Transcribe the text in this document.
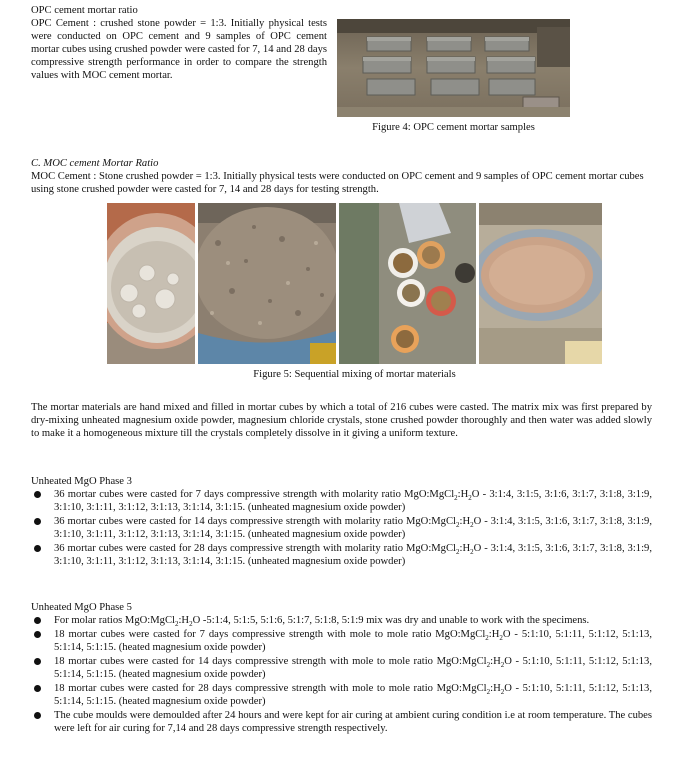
OPC cement mortar ratio
OPC Cement : crushed stone powder = 1:3. Initially physical tests were conducted on OPC cement and 9 samples of OPC cement mortar cubes using crushed powder were casted for 7, 14 and 28 days compressive strength performance in order to compare the strength values with MOC cement mortar.
Figure 4: OPC cement mortar samples
C. MOC cement Mortar Ratio
MOC Cement : Stone crushed powder = 1:3. Initially physical tests were conducted on OPC cement and 9 samples of OPC cement mortar cubes using stone crushed powder were casted for 7, 14 and 28 days for testing strength.
Figure 5: Sequential mixing of mortar materials
The mortar materials are hand mixed and filled in mortar cubes by which a total of 216 cubes were casted. The matrix mix was first prepared by dry-mixing unheated magnesium oxide powder, magnesium chloride crystals, stone crushed powder thoroughly and then water was added slowly to make it a homogeneous mixture till the crystals completely dissolve in it giving a uniform texture.
Unheated MgO Phase 3
36 mortar cubes were casted for 7 days compressive strength with molarity ratio $MgO:MgCl_2:H_2O$ - 3:1:4, 3:1:5, 3:1:6, 3:1:7, 3:1:8, 3:1:9, 3:1:10, 3:1:11, 3:1:12, 3:1:13, 3:1:14, 3:1:15. (unheated magnesium oxide powder)
36 mortar cubes were casted for 14 days compressive strength with molarity ratio $MgO:MgCl_2:H_2O$ - 3:1:4, 3:1:5, 3:1:6, 3:1:7, 3:1:8, 3:1:9, 3:1:10, 3:1:11, 3:1:12, 3:1:13, 3:1:14, 3:1:15. (unheated magnesium oxide powder)
36 mortar cubes were casted for 28 days compressive strength with molarity ratio $MgO:MgCl_2:H_2O$ - 3:1:4, 3:1:5, 3:1:6, 3:1:7, 3:1:8, 3:1:9, 3:1:10, 3:1:11, 3:1:12, 3:1:13, 3:1:14, 3:1:15. (unheated magnesium oxide powder)
Unheated MgO Phase 5
For molar ratios $MgO:MgCl_2:H_2O$ -5:1:4, 5:1:5, 5:1:6, 5:1:7, 5:1:8, 5:1:9 mix was dry and unable to work with the specimens.
18 mortar cubes were casted for 7 days compressive strength with mole to mole ratio $MgO:MgCl_2:H_2O$ - 5:1:10, 5:1:11, 5:1:12, 5:1:13, 5:1:14, 5:1:15. (heated magnesium oxide powder)
18 mortar cubes were casted for 14 days compressive strength with mole to mole ratio $MgO:MgCl_2:H_2O$ - 5:1:10, 5:1:11, 5:1:12, 5:1:13, 5:1:14, 5:1:15. (heated magnesium oxide powder)
18 mortar cubes were casted for 28 days compressive strength with mole to mole ratio $MgO:MgCl_2:H_2O$ - 5:1:10, 5:1:11, 5:1:12, 5:1:13, 5:1:14, 5:1:15. (heated magnesium oxide powder)
The cube moulds were demoulded after 24 hours and were kept for air curing at ambient curing condition i.e at room temperature. The cubes were left for air curing for 7,14 and 28 days compressive strength respectively.
